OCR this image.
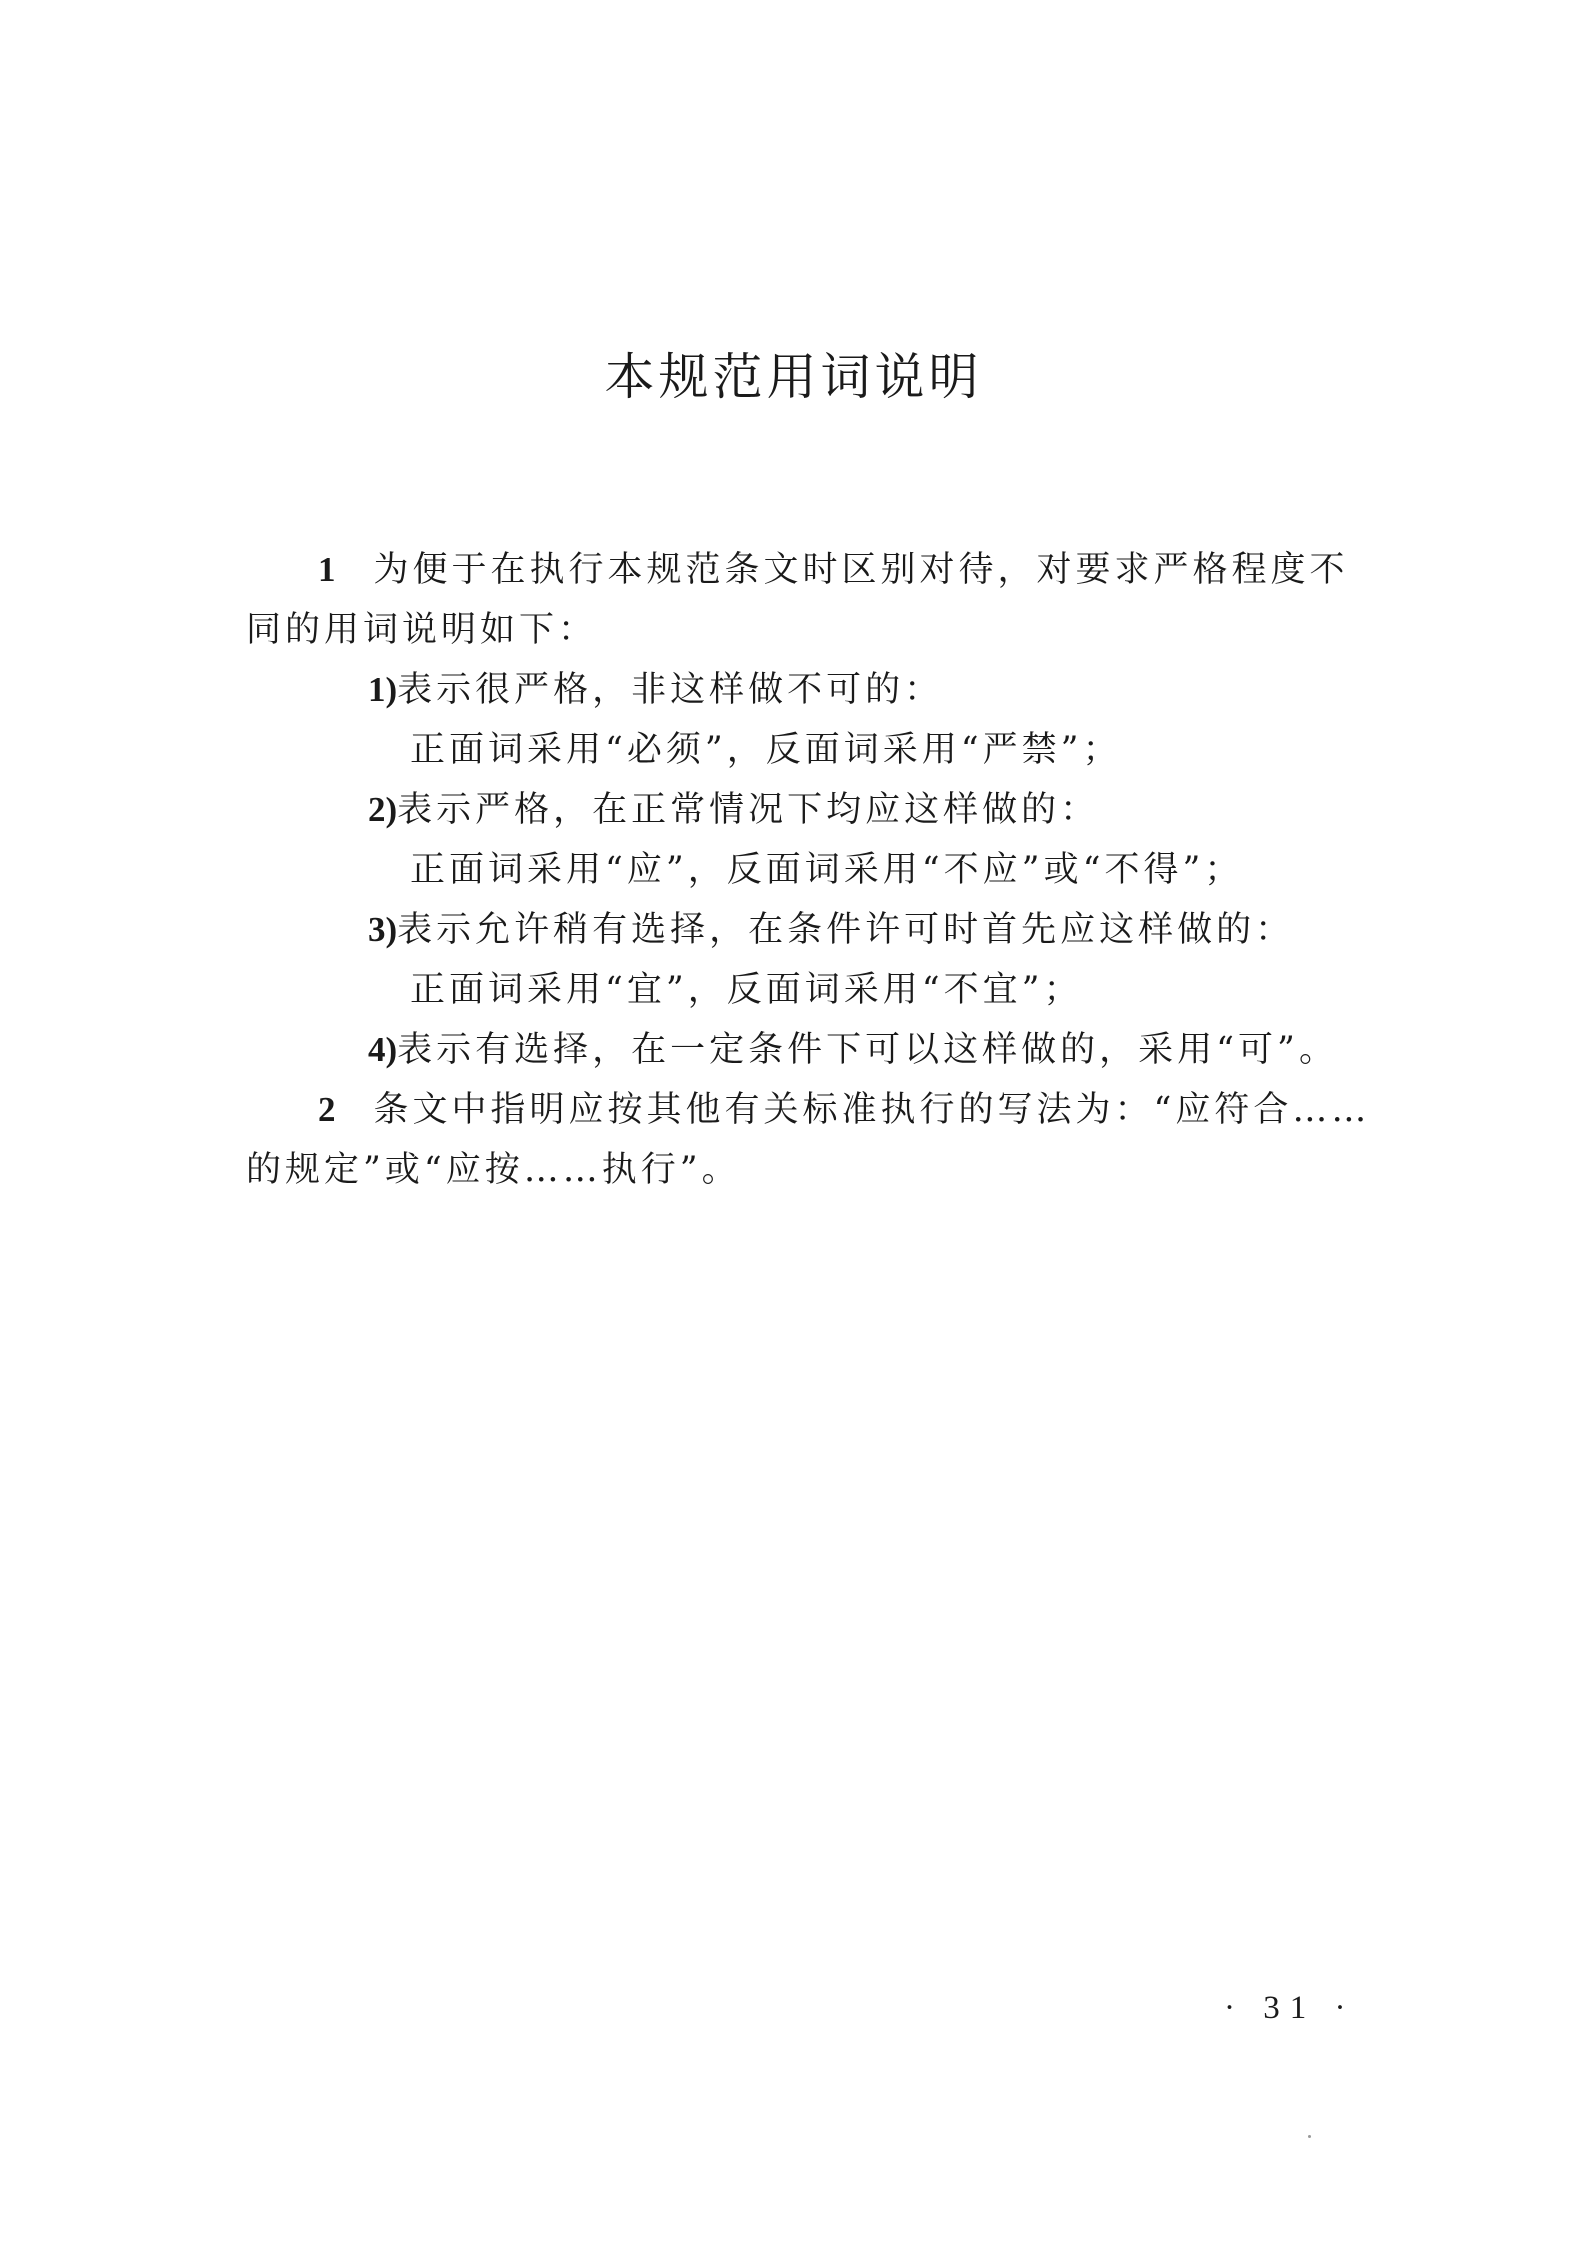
本规范用词说明
1 为便于在执行本规范条文时区别对待，对要求严格程度不
同的用词说明如下：
1)表示很严格，非这样做不可的：
正面词采用“必须”，反面词采用“严禁”；
2)表示严格，在正常情况下均应这样做的：
正面词采用“应”，反面词采用“不应”或“不得”；
3)表示允许稍有选择，在条件许可时首先应这样做的：
正面词采用“宜”，反面词采用“不宜”；
4)表示有选择，在一定条件下可以这样做的，采用“可”。
2 条文中指明应按其他有关标准执行的写法为：“应符合……
的规定”或“应按……执行”。
· 31 ·
